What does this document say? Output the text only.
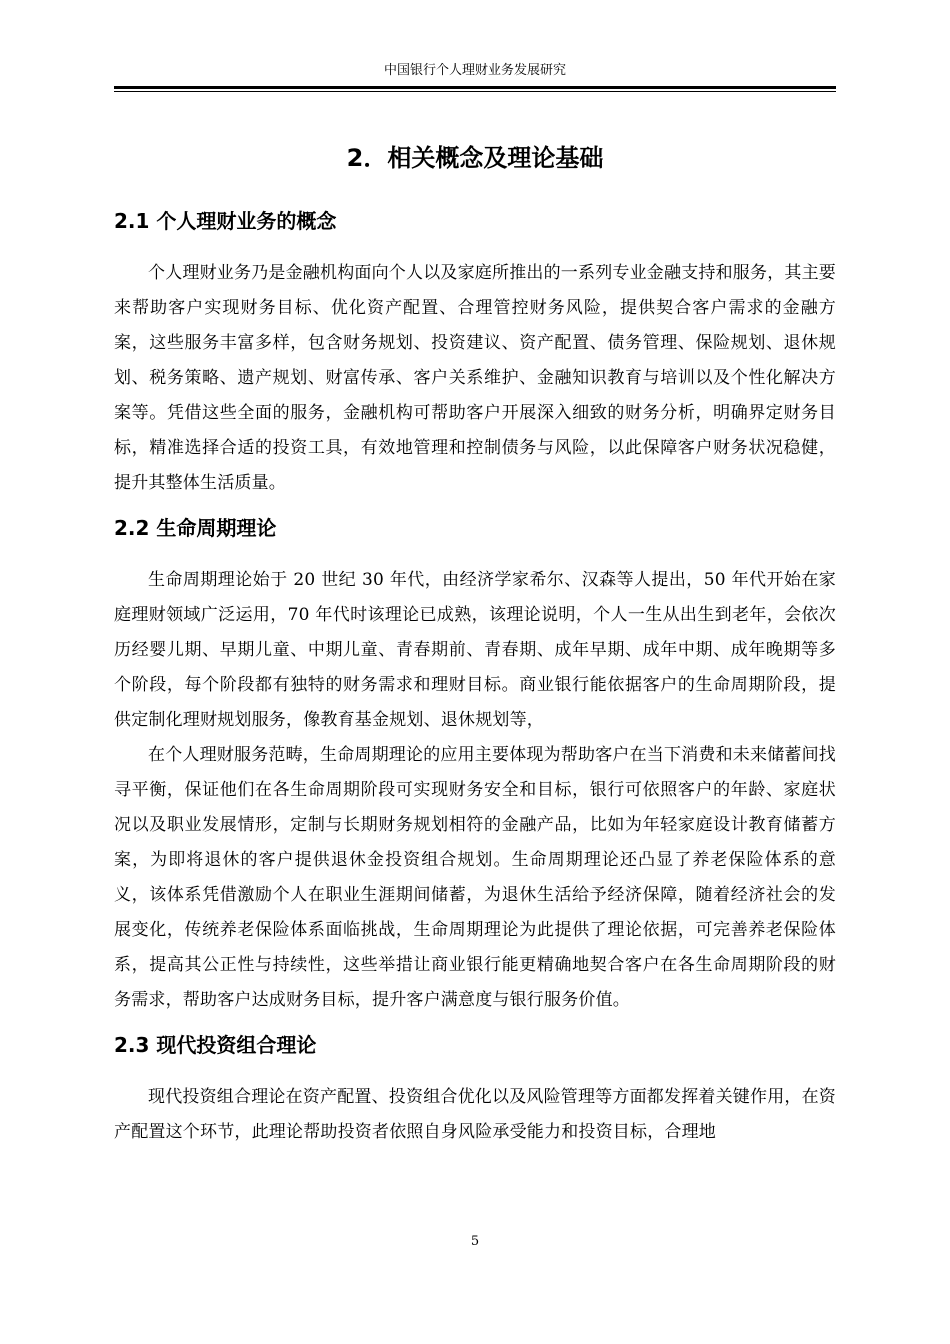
中国银行个人理财业务发展研究
2．相关概念及理论基础
2.1 个人理财业务的概念

个人理财业务乃是金融机构面向个人以及家庭所推出的一系列专业金融支持和服务，其主要来帮助客户实现财务目标、优化资产配置、合理管控财务风险，提供契合客户需求的金融方案，这些服务丰富多样，包含财务规划、投资建议、资产配置、债务管理、保险规划、退休规划、税务策略、遗产规划、财富传承、客户关系维护、金融知识教育与培训以及个性化解决方案等。凭借这些全面的服务，金融机构可帮助客户开展深入细致的财务分析，明确界定财务目标，精准选择合适的投资工具，有效地管理和控制债务与风险，以此保障客户财务状况稳健，提升其整体生活质量。

2.2 生命周期理论

生命周期理论始于 20 世纪 30 年代，由经济学家希尔、汉森等人提出，50 年代开始在家庭理财领域广泛运用，70 年代时该理论已成熟，该理论说明，个人一生从出生到老年，会依次历经婴儿期、早期儿童、中期儿童、青春期前、青春期、成年早期、成年中期、成年晚期等多个阶段，每个阶段都有独特的财务需求和理财目标。商业银行能依据客户的生命周期阶段，提供定制化理财规划服务，像教育基金规划、退休规划等，

在个人理财服务范畴，生命周期理论的应用主要体现为帮助客户在当下消费和未来储蓄间找寻平衡，保证他们在各生命周期阶段可实现财务安全和目标，银行可依照客户的年龄、家庭状况以及职业发展情形，定制与长期财务规划相符的金融产品，比如为年轻家庭设计教育储蓄方案，为即将退休的客户提供退休金投资组合规划。生命周期理论还凸显了养老保险体系的意义，该体系凭借激励个人在职业生涯期间储蓄，为退休生活给予经济保障，随着经济社会的发展变化，传统养老保险体系面临挑战，生命周期理论为此提供了理论依据，可完善养老保险体系，提高其公正性与持续性，这些举措让商业银行能更精确地契合客户在各生命周期阶段的财务需求，帮助客户达成财务目标，提升客户满意度与银行服务价值。

2.3 现代投资组合理论

现代投资组合理论在资产配置、投资组合优化以及风险管理等方面都发挥着关键作用，在资产配置这个环节，此理论帮助投资者依照自身风险承受能力和投资目标，合理地

5
